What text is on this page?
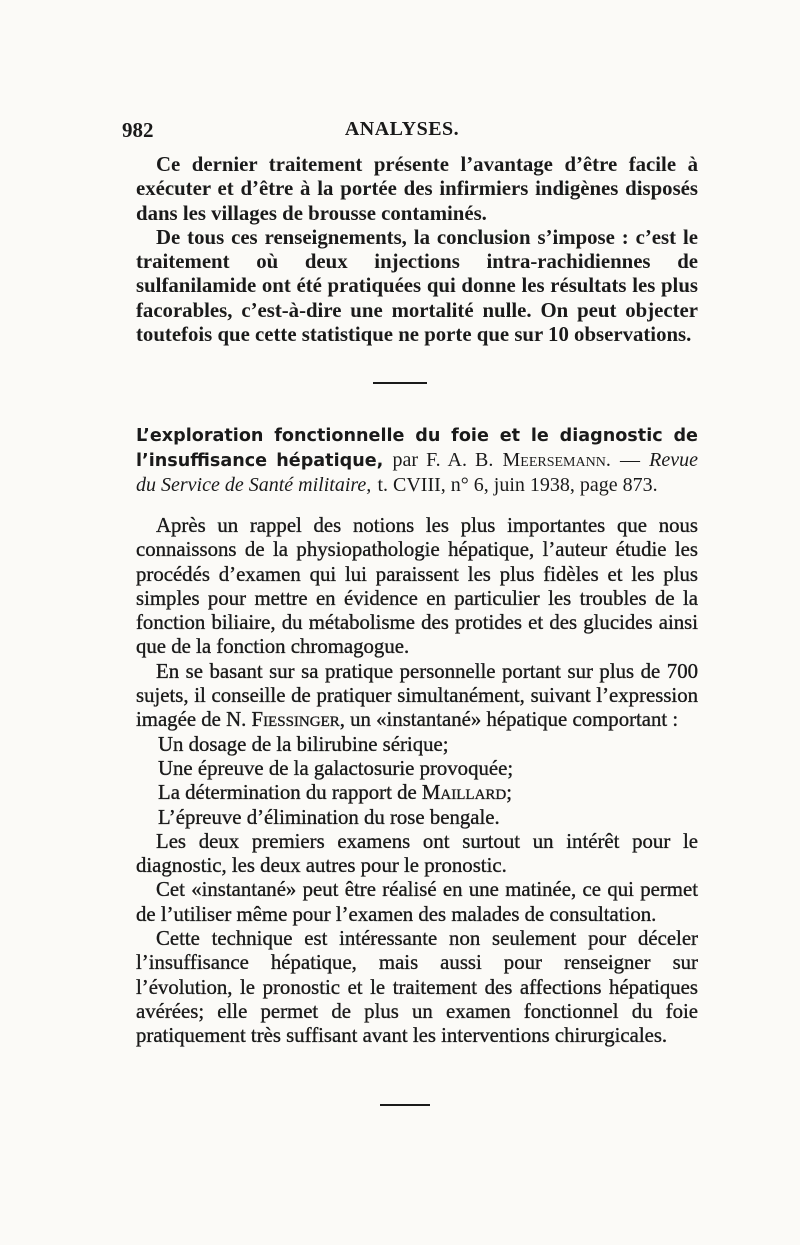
982	ANALYSES.

Ce dernier traitement présente l’avantage d’être facile à exécuter et d’être à la portée des infirmiers indigènes disposés dans les villages de brousse contaminés.

De tous ces renseignements, la conclusion s’impose : c’est le traitement où deux injections intra-rachidiennes de sulfanilamide ont été pratiquées qui donne les résultats les plus facorables, c’est-à-dire une mortalité nulle. On peut objecter toutefois que cette statistique ne porte que sur 10 observations.

L’exploration fonctionnelle du foie et le diagnostic de l’insuffisance hépatique, par F. A. B. Meersemann. — Revue du Service de Santé militaire, t. CVIII, n° 6, juin 1938, page 873.

Après un rappel des notions les plus importantes que nous connaissons de la physiopathologie hépatique, l’auteur étudie les procédés d’examen qui lui paraissent les plus fidèles et les plus simples pour mettre en évidence en particulier les troubles de la fonction biliaire, du métabolisme des protides et des glucides ainsi que de la fonction chromagogue.

En se basant sur sa pratique personnelle portant sur plus de 700 sujets, il conseille de pratiquer simultanément, suivant l’expression imagée de N. Fiessinger, un «instantané» hépatique comportant :

Un dosage de la bilirubine sérique;

Une épreuve de la galactosurie provoquée;

La détermination du rapport de Maillard;

L’épreuve d’élimination du rose bengale.

Les deux premiers examens ont surtout un intérêt pour le diagnostic, les deux autres pour le pronostic.

Cet «instantané» peut être réalisé en une matinée, ce qui permet de l’utiliser même pour l’examen des malades de consultation.

Cette technique est intéressante non seulement pour déceler l’insuffisance hépatique, mais aussi pour renseigner sur l’évolution, le pronostic et le traitement des affections hépatiques avérées; elle permet de plus un examen fonctionnel du foie pratiquement très suffisant avant les interventions chirurgicales.
